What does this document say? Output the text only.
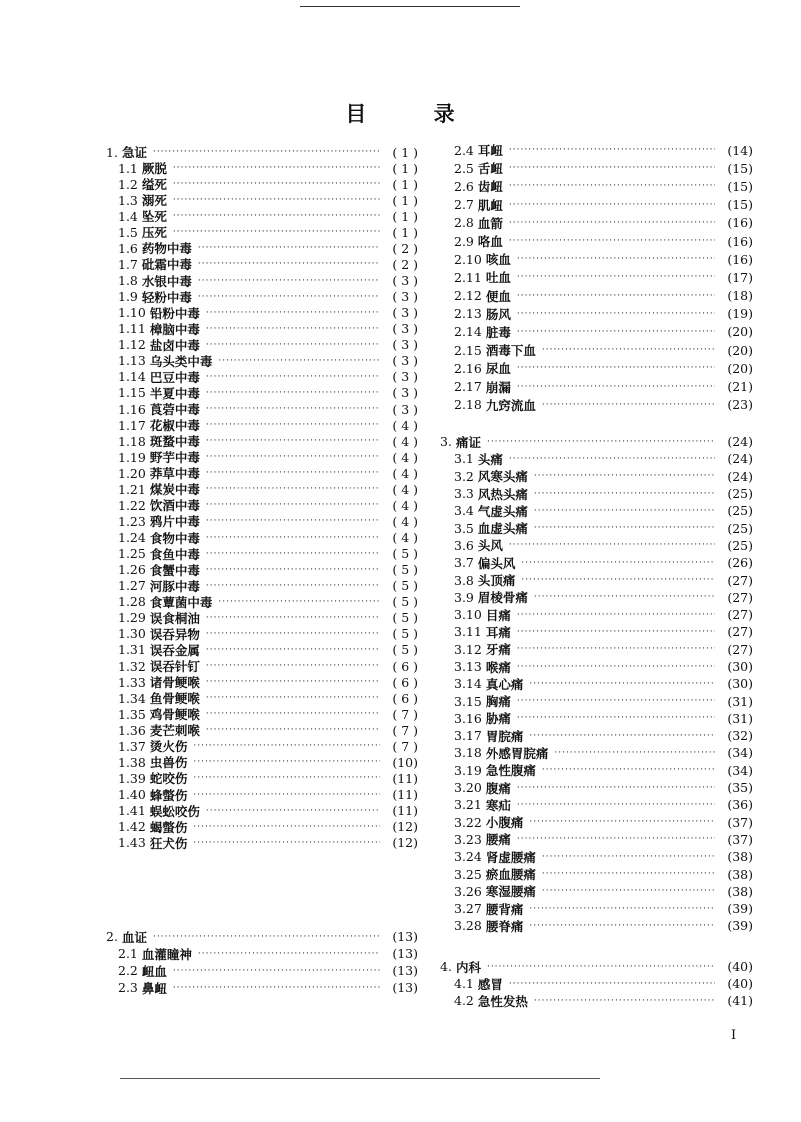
目 录
1. 急证 ·····	( 1 )
1.1 厥脱 ·····	( 1 )
1.2 缢死 ·····	( 1 )
1.3 溺死 ·····	( 1 )
1.4 坠死 ·····	( 1 )
1.5 压死 ·····	( 1 )
1.6 药物中毒 ·····	( 2 )
1.7 砒霜中毒 ·····	( 2 )
1.8 水银中毒 ·····	( 3 )
1.9 轻粉中毒 ·····	( 3 )
1.10 铅粉中毒 ·····	( 3 )
1.11 樟脑中毒 ·····	( 3 )
1.12 盐卤中毒 ·····	( 3 )
1.13 乌头类中毒 ·····	( 3 )
1.14 巴豆中毒 ·····	( 3 )
1.15 半夏中毒 ·····	( 3 )
1.16 莨菪中毒 ·····	( 3 )
1.17 花椒中毒 ·····	( 4 )
1.18 斑蝥中毒 ·····	( 4 )
1.19 野芋中毒 ·····	( 4 )
1.20 莽草中毒 ·····	( 4 )
1.21 煤炭中毒 ·····	( 4 )
1.22 饮酒中毒 ·····	( 4 )
1.23 鸦片中毒 ·····	( 4 )
1.24 食物中毒 ·····	( 4 )
1.25 食鱼中毒 ·····	( 5 )
1.26 食蟹中毒 ·····	( 5 )
1.27 河豚中毒 ·····	( 5 )
1.28 食蕈菌中毒 ·····	( 5 )
1.29 误食桐油 ·····	( 5 )
1.30 误吞异物 ·····	( 5 )
1.31 误吞金属 ·····	( 5 )
1.32 误吞针钉 ·····	( 6 )
1.33 诸骨鲠喉 ·····	( 6 )
1.34 鱼骨鲠喉 ·····	( 6 )
1.35 鸡骨鲠喉 ·····	( 7 )
1.36 麦芒刺喉 ·····	( 7 )
1.37 烫火伤 ·····	( 7 )
1.38 虫兽伤 ·····	(10)
1.39 蛇咬伤 ·····	(11)
1.40 蜂螫伤 ·····	(11)
1.41 蜈蚣咬伤 ·····	(11)
1.42 蝎螫伤 ·····	(12)
1.43 狂犬伤 ·····	(12)
2. 血证 ·····	(13)
2.1 血灌瞳神 ·····	(13)
2.2 衄血 ·····	(13)
2.3 鼻衄 ·····	(13)
2.4 耳衄 ·····	(14)
2.5 舌衄 ·····	(15)
2.6 齿衄 ·····	(15)
2.7 肌衄 ·····	(15)
2.8 血箭 ·····	(16)
2.9 咯血 ·····	(16)
2.10 咳血 ·····	(16)
2.11 吐血 ·····	(17)
2.12 便血 ·····	(18)
2.13 肠风 ·····	(19)
2.14 脏毒 ·····	(20)
2.15 酒毒下血 ·····	(20)
2.16 尿血 ·····	(20)
2.17 崩漏 ·····	(21)
2.18 九窍流血 ·····	(23)
3. 痛证 ·····	(24)
3.1 头痛 ·····	(24)
3.2 风寒头痛 ·····	(24)
3.3 风热头痛 ·····	(25)
3.4 气虚头痛 ·····	(25)
3.5 血虚头痛 ·····	(25)
3.6 头风 ·····	(25)
3.7 偏头风 ·····	(26)
3.8 头顶痛 ·····	(27)
3.9 眉棱骨痛 ·····	(27)
3.10 目痛 ·····	(27)
3.11 耳痛 ·····	(27)
3.12 牙痛 ·····	(27)
3.13 喉痛 ·····	(30)
3.14 真心痛 ·····	(30)
3.15 胸痛 ·····	(31)
3.16 胁痛 ·····	(31)
3.17 胃脘痛 ·····	(32)
3.18 外感胃脘痛 ·····	(34)
3.19 急性腹痛 ·····	(34)
3.20 腹痛 ·····	(35)
3.21 寒疝 ·····	(36)
3.22 小腹痛 ·····	(37)
3.23 腰痛 ·····	(37)
3.24 肾虚腰痛 ·····	(38)
3.25 瘀血腰痛 ·····	(38)
3.26 寒湿腰痛 ·····	(38)
3.27 腰背痛 ·····	(39)
3.28 腰脊痛 ·····	(39)
4. 内科 ·····	(40)
4.1 感冒 ·····	(40)
4.2 急性发热 ·····	(41)
I
